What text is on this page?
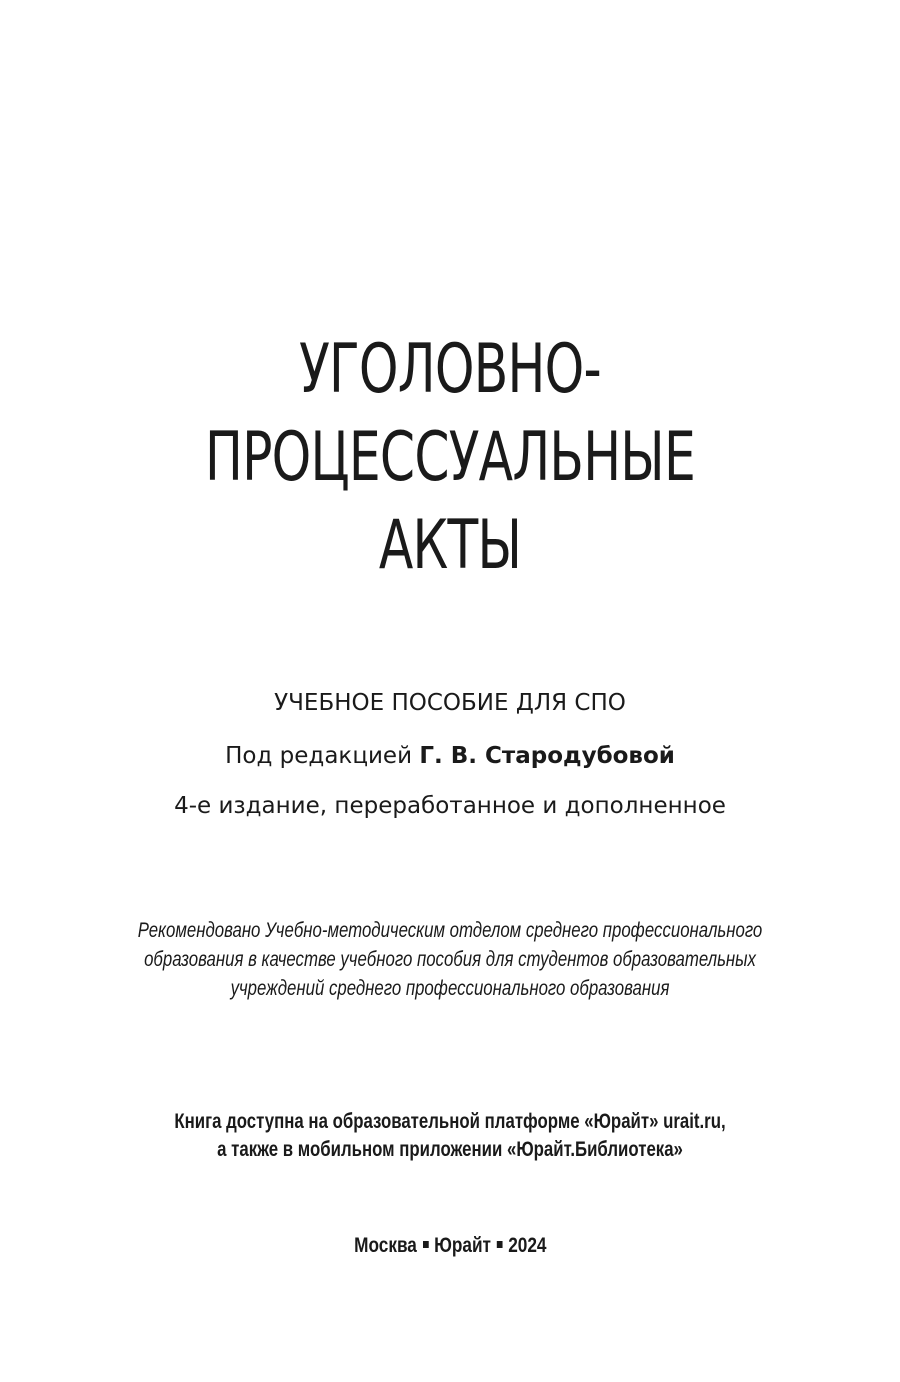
УГОЛОВНО-
ПРОЦЕССУАЛЬНЫЕ
АКТЫ
УЧЕБНОЕ ПОСОБИЕ ДЛЯ СПО
Под редакцией Г. В. Стародубовой
4-е издание, переработанное и дополненное
Рекомендовано Учебно-методическим отделом среднего профессионального
образования в качестве учебного пособия для студентов образовательных
учреждений среднего профессионального образования
Книга доступна на образовательной платформе «Юрайт» urait.ru,
а также в мобильном приложении «Юрайт.Библиотека»
Москва Юрайт 2024
